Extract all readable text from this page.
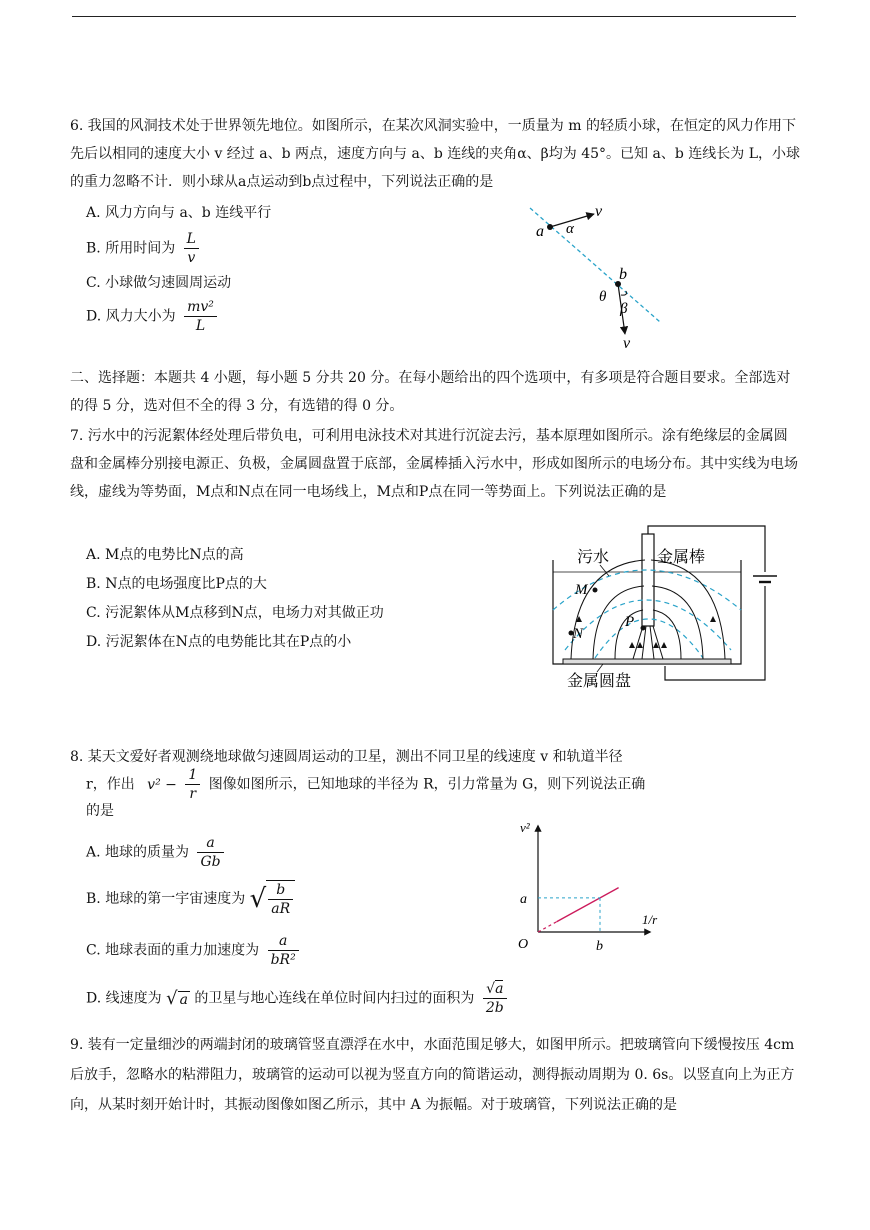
6. 我国的风洞技术处于世界领先地位。如图所示，在某次风洞实验中，一质量为 m 的轻质小球，在恒定的风力作用下先后以相同的速度大小 v 经过 a、b 两点，速度方向与 a、b 连线的夹角α、β均为 45°。已知 a、b 连线长为 L，小球的重力忽略不计．则小球从a点运动到b点过程中，下列说法正确的是
A. 风力方向与 a、b 连线平行
B. 所用时间为 $\frac{L}{v}$
C. 小球做匀速圆周运动
D. 风力大小为 $\frac{\text{mv²}}{L}$
a α
v
b
θ
β
v
二、选择题：本题共 4 小题，每小题 5 分共 20 分。在每小题给出的四个选项中，有多项是符合题目要求。全部选对的得 5 分，选对但不全的得 3 分，有选错的得 0 分。
7. 污水中的污泥絮体经处理后带负电，可利用电泳技术对其进行沉淀去污，基本原理如图所示。涂有绝缘层的金属圆盘和金属棒分别接电源正、负极，金属圆盘置于底部，金属棒插入污水中，形成如图所示的电场分布。其中实线为电场线，虚线为等势面，M点和N点在同一电场线上，M点和P点在同一等势面上。下列说法正确的是
A. M点的电势比N点的高
B. N点的电场强度比P点的大
C. 污泥絮体从M点移到N点，电场力对其做正功
D. 污泥絮体在N点的电势能比其在P点的小
污水	金属棒
金属圆盘
M
N
P
8. 某天文爱好者观测绕地球做匀速圆周运动的卫星，测出不同卫星的线速度 v 和轨道半径
r，作出 $v^2 - \frac{1}{r}$ 图像如图所示，已知地球的半径为 R，引力常量为 G，则下列说法正确
的是
A. 地球的质量为 $\frac{a}{Gb}$
B. 地球的第一宇宙速度为 √ $\frac{b}{aR}$
C. 地球表面的重力加速度为 $\frac{a}{\text{bR²}}$
D. 线速度为 √ a 的卫星与地心连线在单位时间内扫过的面积为 $\frac{√a}{2b}$
v²
1/r
O	b
a
9. 装有一定量细沙的两端封闭的玻璃管竖直漂浮在水中，水面范围足够大，如图甲所示。把玻璃管向下缓慢按压 4cm 后放手，忽略水的粘滞阻力，玻璃管的运动可以视为竖直方向的简谐运动，测得振动周期为 0. 6s。以竖直向上为正方向，从某时刻开始计时，其振动图像如图乙所示，其中 A 为振幅。对于玻璃管，下列说法正确的是
